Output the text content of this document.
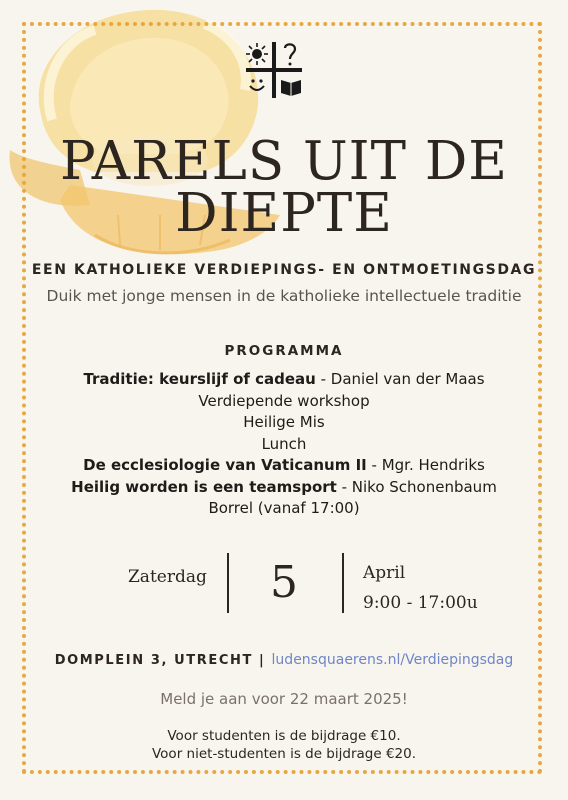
PARELS UIT DE
DIEPTE
EEN KATHOLIEKE VERDIEPINGS- EN ONTMOETINGSDAG
Duik met jonge mensen in de katholieke intellectuele traditie
PROGRAMMA
Traditie: keurslijf of cadeau - Daniel van der Maas
Verdiepende workshop
Heilige Mis
Lunch
De ecclesiologie van Vaticanum II - Mgr. Hendriks
Heilig worden is een teamsport - Niko Schonenbaum
Borrel (vanaf 17:00)
Zaterdag 5	April
9:00 - 17:00u
DOMPLEIN 3, UTRECHT | ludensquaerens.nl/Verdiepingsdag
Meld je aan voor 22 maart 2025!
Voor studenten is de bijdrage €10.
Voor niet-studenten is de bijdrage €20.
